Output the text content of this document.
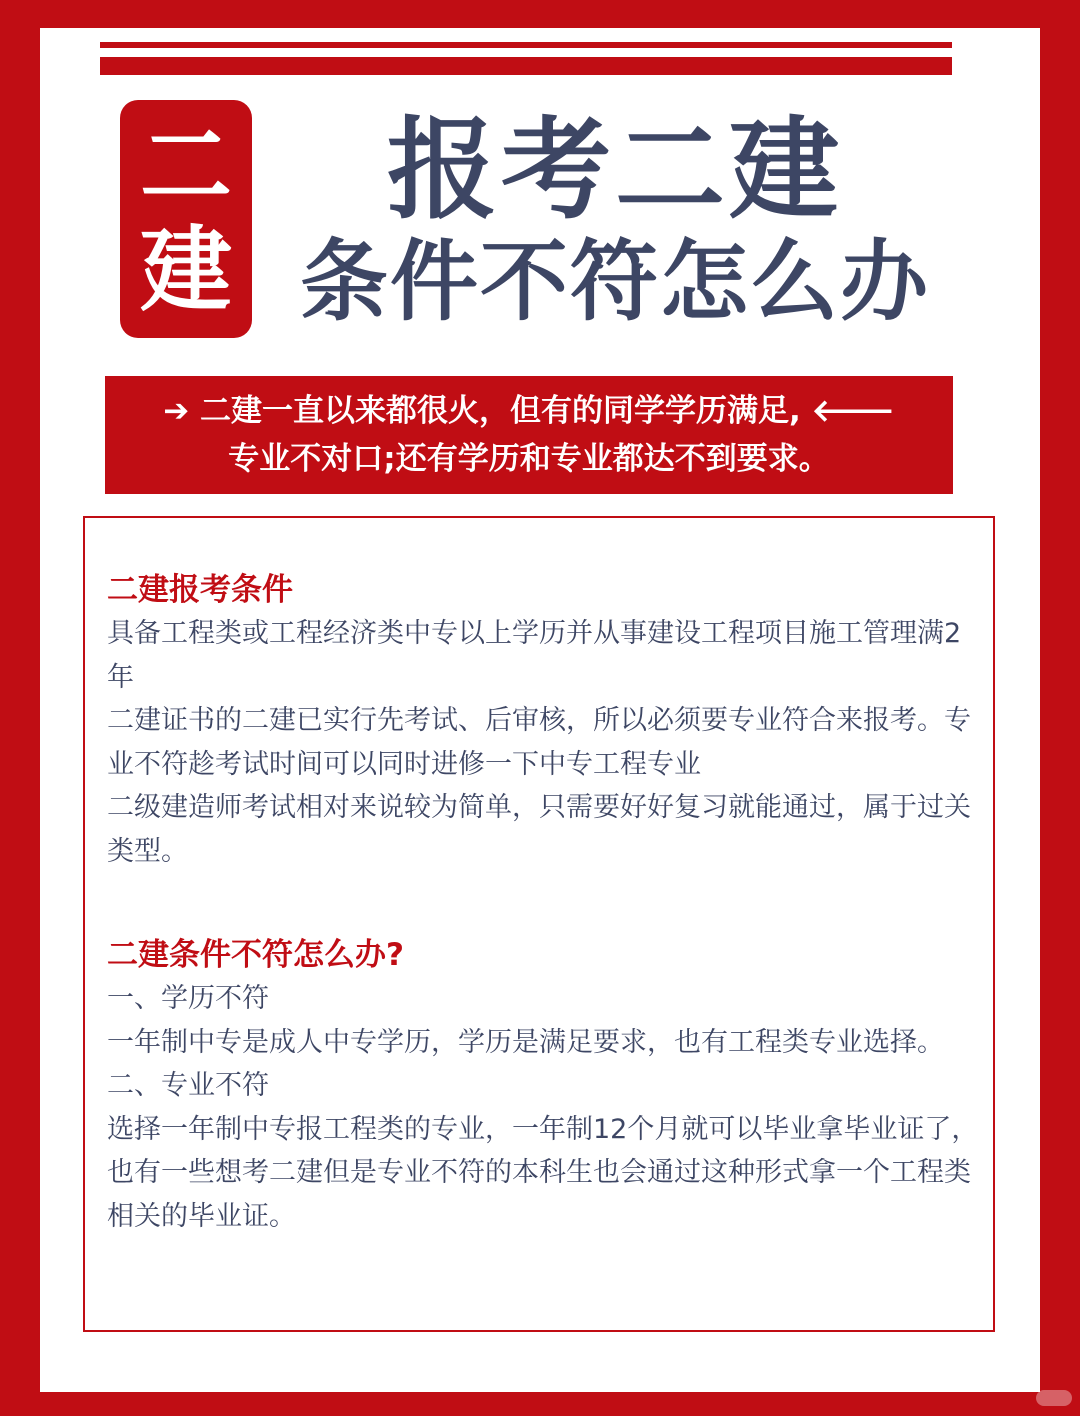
二
建
报考二建
条件不符怎么办
➔ 二建一直以来都很火，但有的同学学历满足, 🡐
专业不对口;还有学历和专业都达不到要求。

二建报考条件

具备工程类或工程经济类中专以上学历并从事建设工程项目施工管理满2年

二建证书的二建已实行先考试、后审核，所以必须要专业符合来报考。专业不符趁考试时间可以同时进修一下中专工程专业

二级建造师考试相对来说较为简单，只需要好好复习就能通过，属于过关类型。

二建条件不符怎么办?

一、学历不符

一年制中专是成人中专学历，学历是满足要求，也有工程类专业选择。

二、专业不符

选择一年制中专报工程类的专业，一年制12个月就可以毕业拿毕业证了，也有一些想考二建但是专业不符的本科生也会通过这种形式拿一个工程类相关的毕业证。
